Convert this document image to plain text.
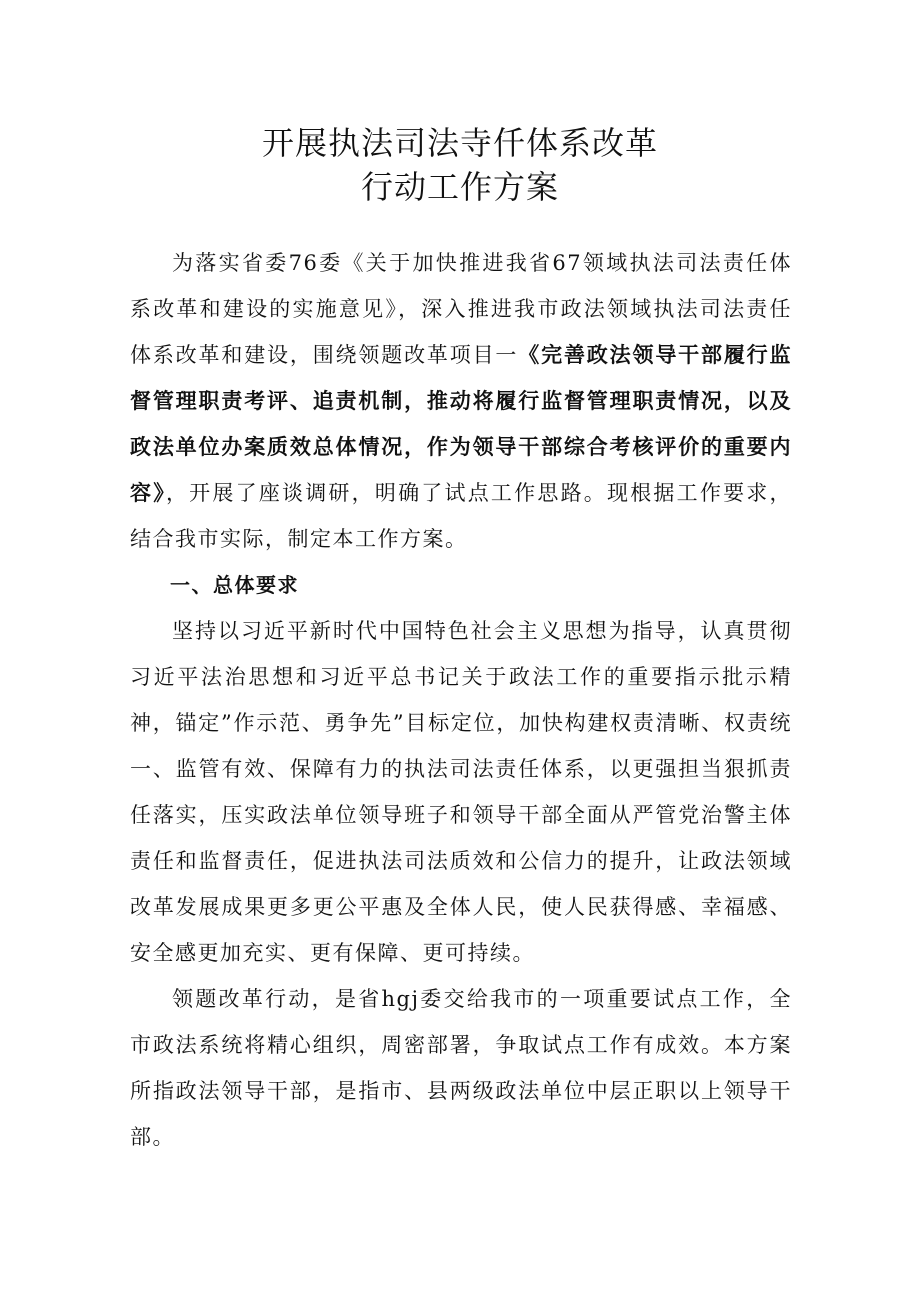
开展执法司法寺仟体系改革
行动工作方案

为落实省委76委《关于加快推进我省67领域执法司法责任体系改革和建设的实施意见》，深入推进我市政法领域执法司法责任体系改革和建设，围绕领题改革项目一《完善政法领导干部履行监督管理职责考评、追责机制，推动将履行监督管理职责情况，以及政法单位办案质效总体情况，作为领导干部综合考核评价的重要内容》，开展了座谈调研，明确了试点工作思路。现根据工作要求，结合我市实际，制定本工作方案。

一、总体要求

坚持以习近平新时代中国特色社会主义思想为指导，认真贯彻习近平法治思想和习近平总书记关于政法工作的重要指示批示精神，锚定”作示范、勇争先”目标定位，加快构建权责清晰、权责统一、监管有效、保障有力的执法司法责任体系，以更强担当狠抓责任落实，压实政法单位领导班子和领导干部全面从严管党治警主体责任和监督责任，促进执法司法质效和公信力的提升，让政法领域改革发展成果更多更公平惠及全体人民，使人民获得感、幸福感、安全感更加充实、更有保障、更可持续。

领题改革行动，是省hgj委交给我市的一项重要试点工作，全市政法系统将精心组织，周密部署，争取试点工作有成效。本方案所指政法领导干部，是指市、县两级政法单位中层正职以上领导干部。
